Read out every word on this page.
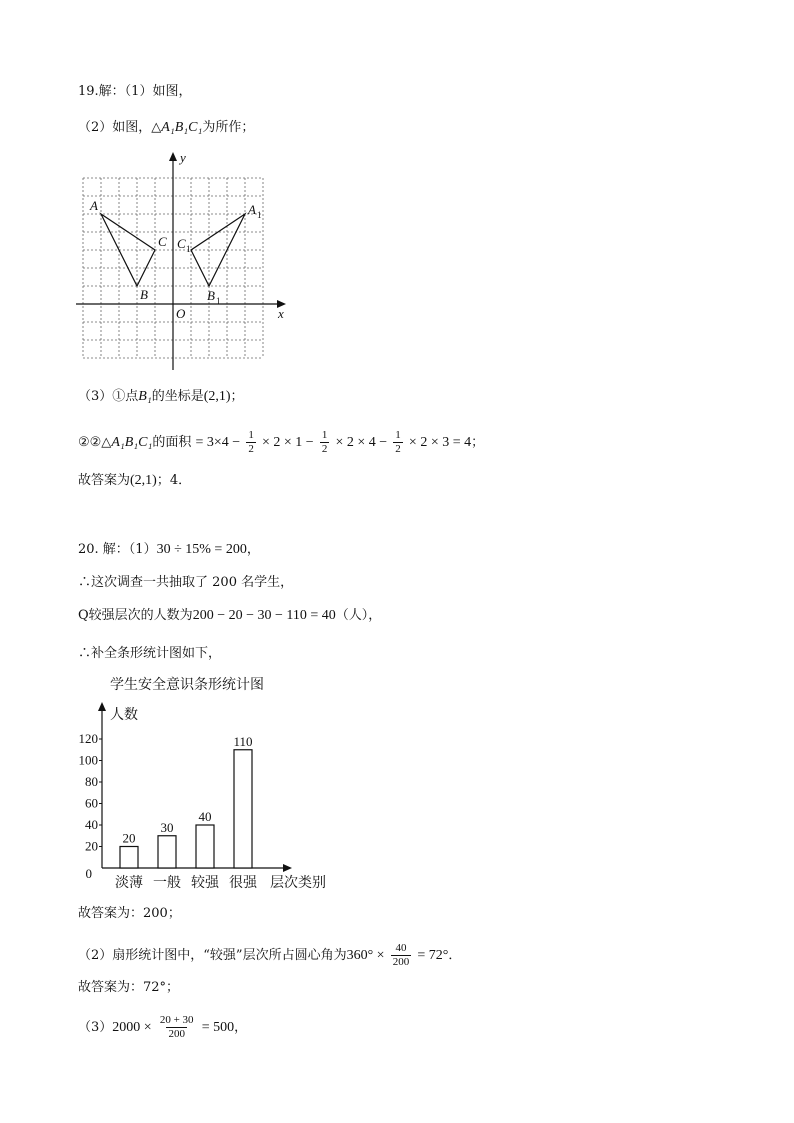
19.解：（1）如图，
（2）如图，△A₁B₁C₁为所作；
A
B
C
O
A 1
B 1
C 1
x
y
（3）①点B₁的坐标是(2,1)；
②②△A₁B₁C₁的面积 = $3\times 4 - \frac{1}{2} \times 2 \times 1 - \frac{1}{2} \times 2 \times 4 - \frac{1}{2} \times 2 \times 3 = 4$；
故答案为(2,1)；4．
20. 解：（1）30 ÷ 15% = 200，
∴这次调查一共抽取了 200 名学生，
Q较强层次的人数为200 − 20 − 30 − 110 = 40（人），
∴补全条形统计图如下，
学生安全意识条形统计图
人数
层次类别
0
20
40
60
80
100
120
20
淡薄
30
一般
40
较强
110
很强
故答案为：200；
（2）扇形统计图中，“较强”层次所占圆心角为$360^\circ \times \frac{40}{200} = 72^\circ$．
故答案为：72°；
$(3)2000 \times \frac{20 + 30}{200} = 500$，
